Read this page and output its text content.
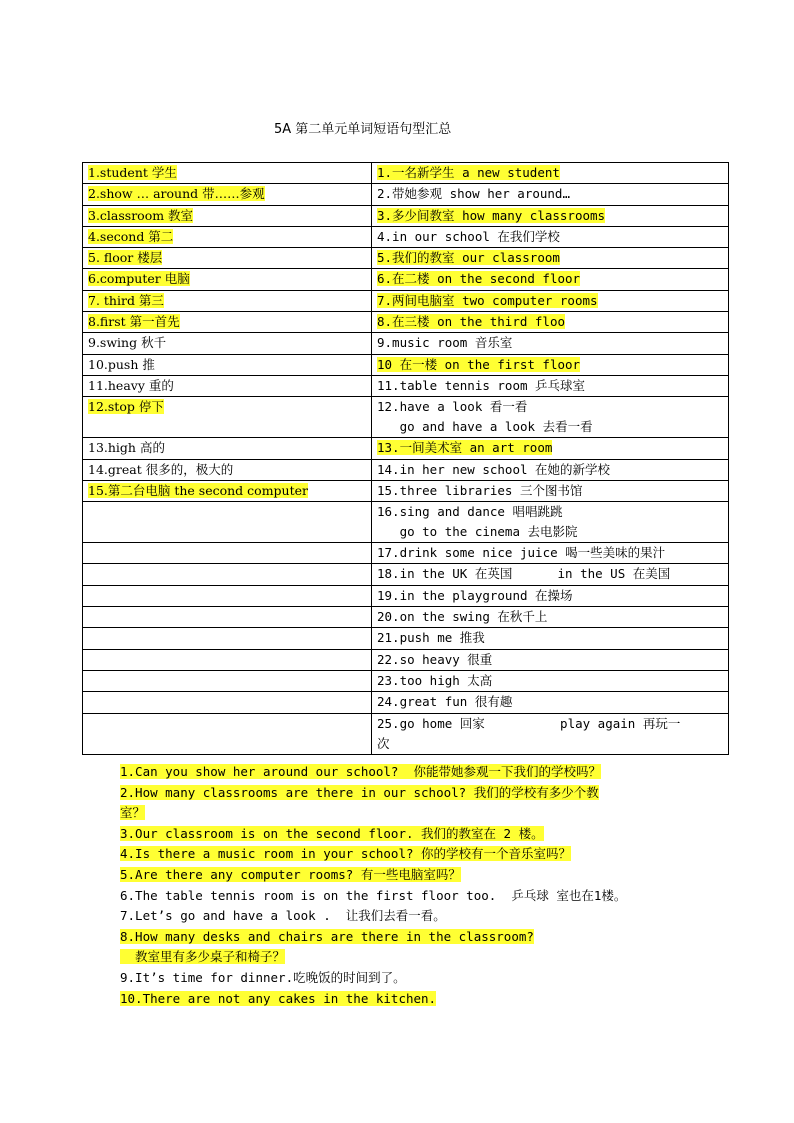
5A 第二单元单词短语句型汇总
1.student 学生	1.一名新学生 a new student

2.show … around 带……参观	2.带她参观 show her around…

3.classroom 教室	3.多少间教室 how many classrooms

4.second 第二	4.in our school 在我们学校

5. floor 楼层	5.我们的教室 our classroom

6.computer 电脑	6.在二楼 on the second floor

7. third 第三	7.两间电脑室 two computer rooms

8.first 第一首先	8.在三楼 on the third floo

9.swing 秋千	9.music room 音乐室

10.push 推	10 在一楼 on the first floor

11.heavy 重的	11.table tennis room 乒乓球室

12.stop 停下	12.have a look 看一看
go and have a look 去看一看

13.high 高的	13.一间美术室 an art room

14.great 很多的，极大的	14.in her new school 在她的新学校

15.第二台电脑 the second computer	15.three libraries 三个图书馆

	16.sing and dance 唱唱跳跳
go to the cinema 去电影院

	17.drink some nice juice 喝一些美味的果汁

	18.in the UK 在英国      in the US 在美国

	19.in the playground 在操场

	20.on the swing 在秋千上

	21.push me 推我

	22.so heavy 很重

	23.too high 太高

	24.great fun 很有趣

	25.go home 回家          play again 再玩一
次
1.Can you show her around our school?  你能带她参观一下我们的学校吗？
2.How many classrooms are there in our school? 我们的学校有多少个教
室？
3.Our classroom is on the second floor. 我们的教室在 2 楼。
4.Is there a music room in your school? 你的学校有一个音乐室吗？
5.Are there any computer rooms? 有一些电脑室吗？
6.The table tennis room is on the first floor too.  乒乓球 室也在1楼。
7.Let’s go and have a look .  让我们去看一看。
8.How many desks and chairs are there in the classroom?
教室里有多少桌子和椅子？
9.It’s time for dinner.吃晚饭的时间到了。
10.There are not any cakes in the kitchen.
